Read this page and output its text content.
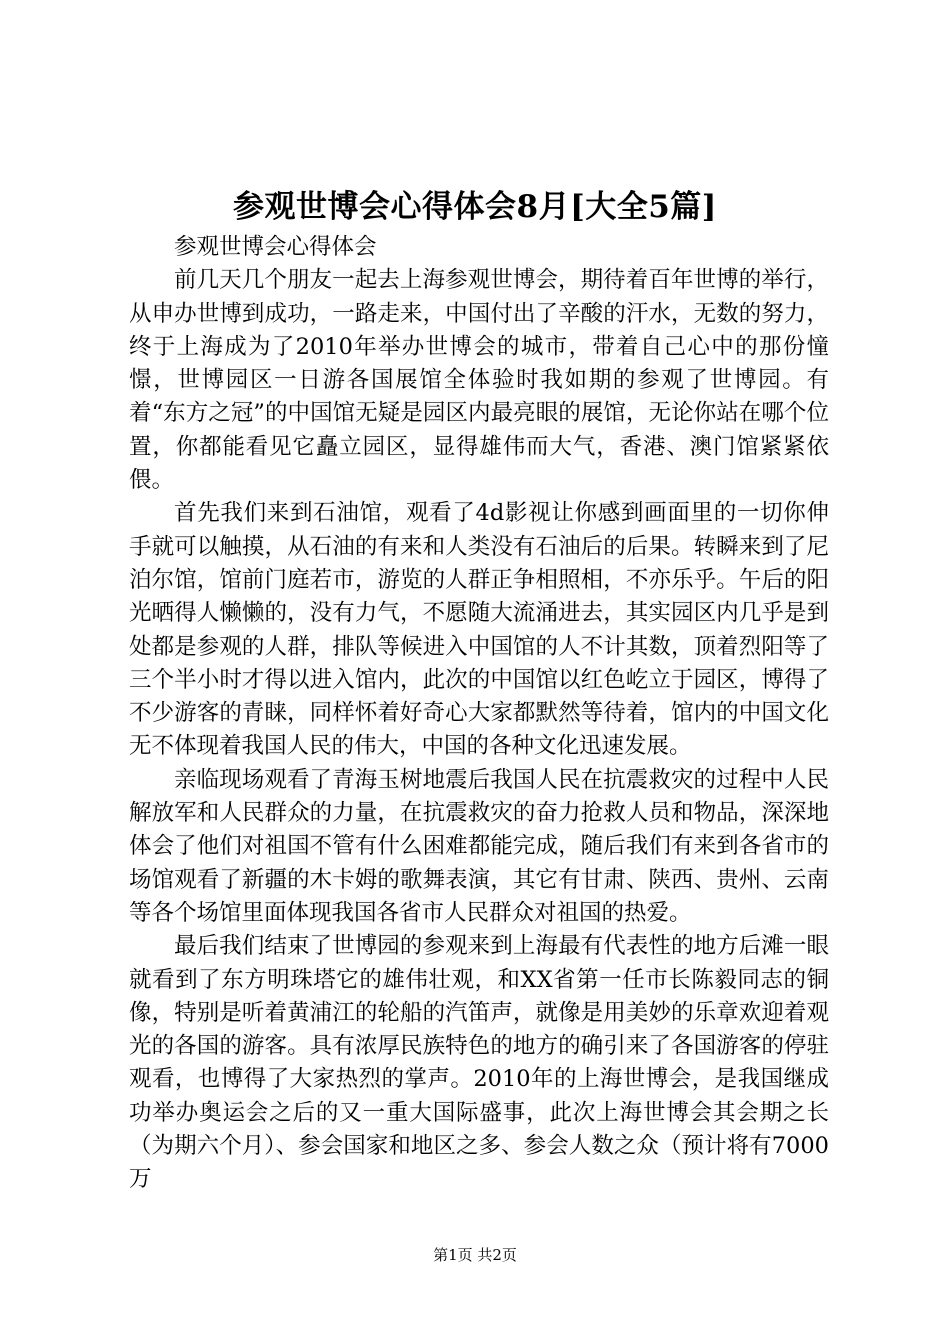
参观世博会心得体会8月[大全5篇]

参观世博会心得体会

前几天几个朋友一起去上海参观世博会，期待着百年世博的举行，从申办世博到成功，一路走来，中国付出了辛酸的汗水，无数的努力，终于上海成为了2010年举办世博会的城市，带着自己心中的那份憧憬，世博园区一日游各国展馆全体验时我如期的参观了世博园。有着“东方之冠”的中国馆无疑是园区内最亮眼的展馆，无论你站在哪个位置，你都能看见它矗立园区，显得雄伟而大气，香港、澳门馆紧紧依偎。

首先我们来到石油馆，观看了4d影视让你感到画面里的一切你伸手就可以触摸，从石油的有来和人类没有石油后的后果。转瞬来到了尼泊尔馆，馆前门庭若市，游览的人群正争相照相，不亦乐乎。午后的阳光晒得人懒懒的，没有力气，不愿随大流涌进去，其实园区内几乎是到处都是参观的人群，排队等候进入中国馆的人不计其数，顶着烈阳等了三个半小时才得以进入馆内，此次的中国馆以红色屹立于园区，博得了不少游客的青睐，同样怀着好奇心大家都默然等待着，馆内的中国文化无不体现着我国人民的伟大，中国的各种文化迅速发展。

亲临现场观看了青海玉树地震后我国人民在抗震救灾的过程中人民解放军和人民群众的力量，在抗震救灾的奋力抢救人员和物品，深深地体会了他们对祖国不管有什么困难都能完成，随后我们有来到各省市的场馆观看了新疆的木卡姆的歌舞表演，其它有甘肃、陕西、贵州、云南等各个场馆里面体现我国各省市人民群众对祖国的热爱。

最后我们结束了世博园的参观来到上海最有代表性的地方后滩一眼就看到了东方明珠塔它的雄伟壮观，和XX省第一任市长陈毅同志的铜像，特别是听着黄浦江的轮船的汽笛声，就像是用美妙的乐章欢迎着观光的各国的游客。具有浓厚民族特色的地方的确引来了各国游客的停驻观看，也博得了大家热烈的掌声。2010年的上海世博会，是我国继成功举办奥运会之后的又一重大国际盛事，此次上海世博会其会期之长（为期六个月）、参会国家和地区之多、参会人数之众（预计将有7000万

第1页 共2页
